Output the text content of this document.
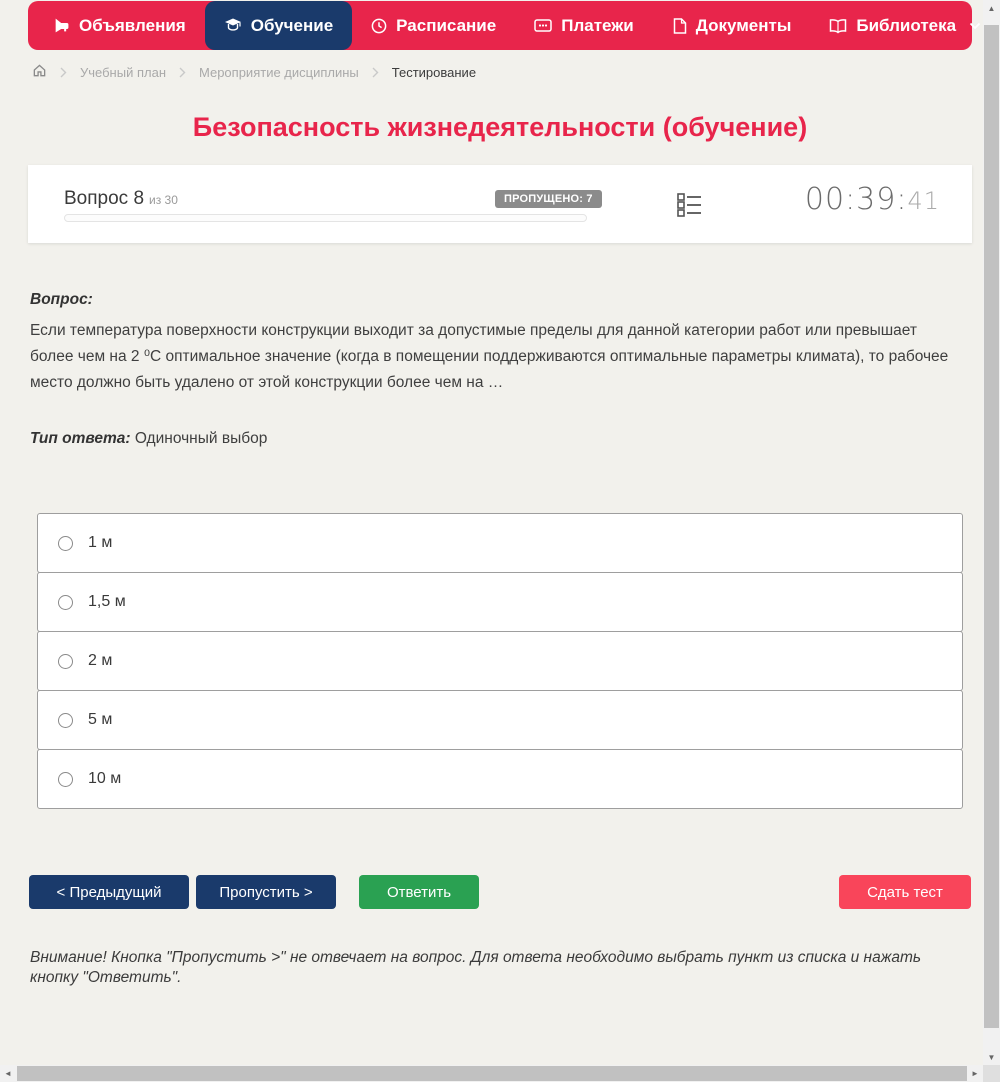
Объявления	Обучение	Расписание	Платежи	Документы	Библиотека
Учебный план	Мероприятие дисциплины	Тестирование
Безопасность жизнедеятельности (обучение)
Вопрос 8 из 30	ПРОПУЩЕНО: 7	00:39:41
Вопрос:
Если температура поверхности конструкции выходит за допустимые пределы для данной категории работ или превышает более чем на 2 ⁰С оптимальное значение (когда в помещении поддерживаются оптимальные параметры климата), то рабочее место должно быть удалено от этой конструкции более чем на …
Тип ответа: Одиночный выбор
1 м
1,5 м
2 м
5 м
10 м
< Предыдущий	Пропустить >	Ответить	Сдать тест
Внимание! Кнопка "Пропустить >" не отвечает на вопрос. Для ответа необходимо выбрать пункт из списка и нажать кнопку "Ответить".
▲
▼
◄	►
